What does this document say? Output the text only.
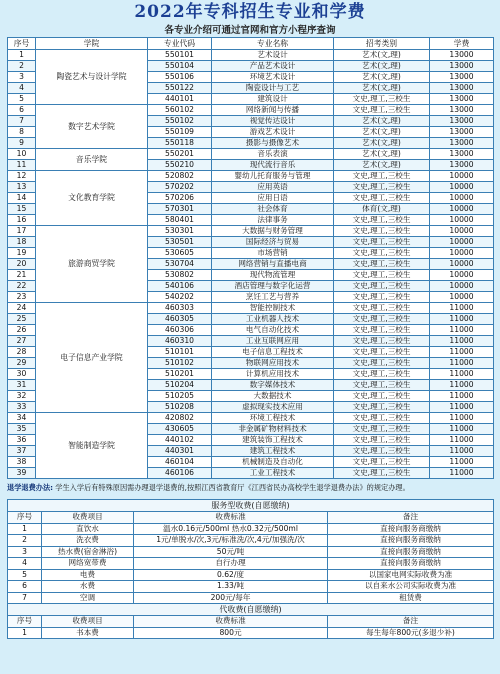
2022年专科招生专业和学费
各专业介绍可通过官网和官方小程序查询
序号	学院	专业代码	专业名称	招考类别	学费
1	陶瓷艺术与设计学院	550101	艺术设计	艺术(文,理)	13000
2		550104	产品艺术设计	艺术(文,理)	13000
3		550106	环境艺术设计	艺术(文,理)	13000
4		550122	陶瓷设计与工艺	艺术(文,理)	13000
5		440101	建筑设计	文史,理工,三校生	13000
6	数字艺术学院	560102	网络新闻与传播	文史,理工,三校生	13000
7		550102	视觉传达设计	艺术(文,理)	13000
8		550109	游戏艺术设计	艺术(文,理)	13000
9		550118	摄影与摄像艺术	艺术(文,理)	13000
10	音乐学院	550201	音乐表演	艺术(文,理)	13000
11		550210	现代流行音乐	艺术(文,理)	13000
12	文化教育学院	520802	婴幼儿托育服务与管理	文史,理工,三校生	10000
13		570202	应用英语	文史,理工,三校生	10000
14		570206	应用日语	文史,理工,三校生	10000
15		570301	社会体育	体育(文,理)	10000
16		580401	法律事务	文史,理工,三校生	10000
17	旅游商贸学院	530301	大数据与财务管理	文史,理工,三校生	10000
18		530501	国际经济与贸易	文史,理工,三校生	10000
19		530605	市场营销	文史,理工,三校生	10000
20		530704	网络营销与直播电商	文史,理工,三校生	10000
21		530802	现代物流管理	文史,理工,三校生	10000
22		540106	酒店管理与数字化运营	文史,理工,三校生	10000
23		540202	烹饪工艺与营养	文史,理工,三校生	10000
24	电子信息产业学院	460303	智能控制技术	文史,理工,三校生	11000
25		460305	工业机器人技术	文史,理工,三校生	11000
26		460306	电气自动化技术	文史,理工,三校生	11000
27		460310	工业互联网应用	文史,理工,三校生	11000
28		510101	电子信息工程技术	文史,理工,三校生	11000
29		510102	物联网应用技术	文史,理工,三校生	11000
30		510201	计算机应用技术	文史,理工,三校生	11000
31		510204	数字媒体技术	文史,理工,三校生	11000
32		510205	大数据技术	文史,理工,三校生	11000
33		510208	虚拟现实技术应用	文史,理工,三校生	11000
34	智能制造学院	420802	环境工程技术	文史,理工,三校生	11000
35		430605	非金属矿物材料技术	文史,理工,三校生	11000
36		440102	建筑装饰工程技术	文史,理工,三校生	11000
37		440301	建筑工程技术	文史,理工,三校生	11000
38		460104	机械制造及自动化	文史,理工,三校生	11000
39		460106	工业工程技术	文史,理工,三校生	11000
退学退费办法: 学生入学后有特殊原因需办理退学退费的,按照江西省教育厅《江西省民办高校学生退学退费办法》的规定办理。
服务型收费(自愿缴纳)			
序号	收费项目	收费标准	备注
1	直饮水	温水0.16元/500ml 热水0.32元/500ml	直接向服务商缴纳
2	洗衣费	1元/单脱水/次,3元/标准洗/次,4元/加强洗/次	直接向服务商缴纳
3	热水费(宿舍淋浴)	50元/吨	直接向服务商缴纳
4	网络宽带费	自行办理	直接向服务商缴纳
5	电费	0.62/度	以国家电网实际收费为准
6	水费	1.33/吨	以自来水公司实际收费为准
7	空调	200元/每年	租赁费
代收费(自愿缴纳)			
序号	收费项目	收费标准	备注
1	书本费	800元	每生每年800元(多退少补)
